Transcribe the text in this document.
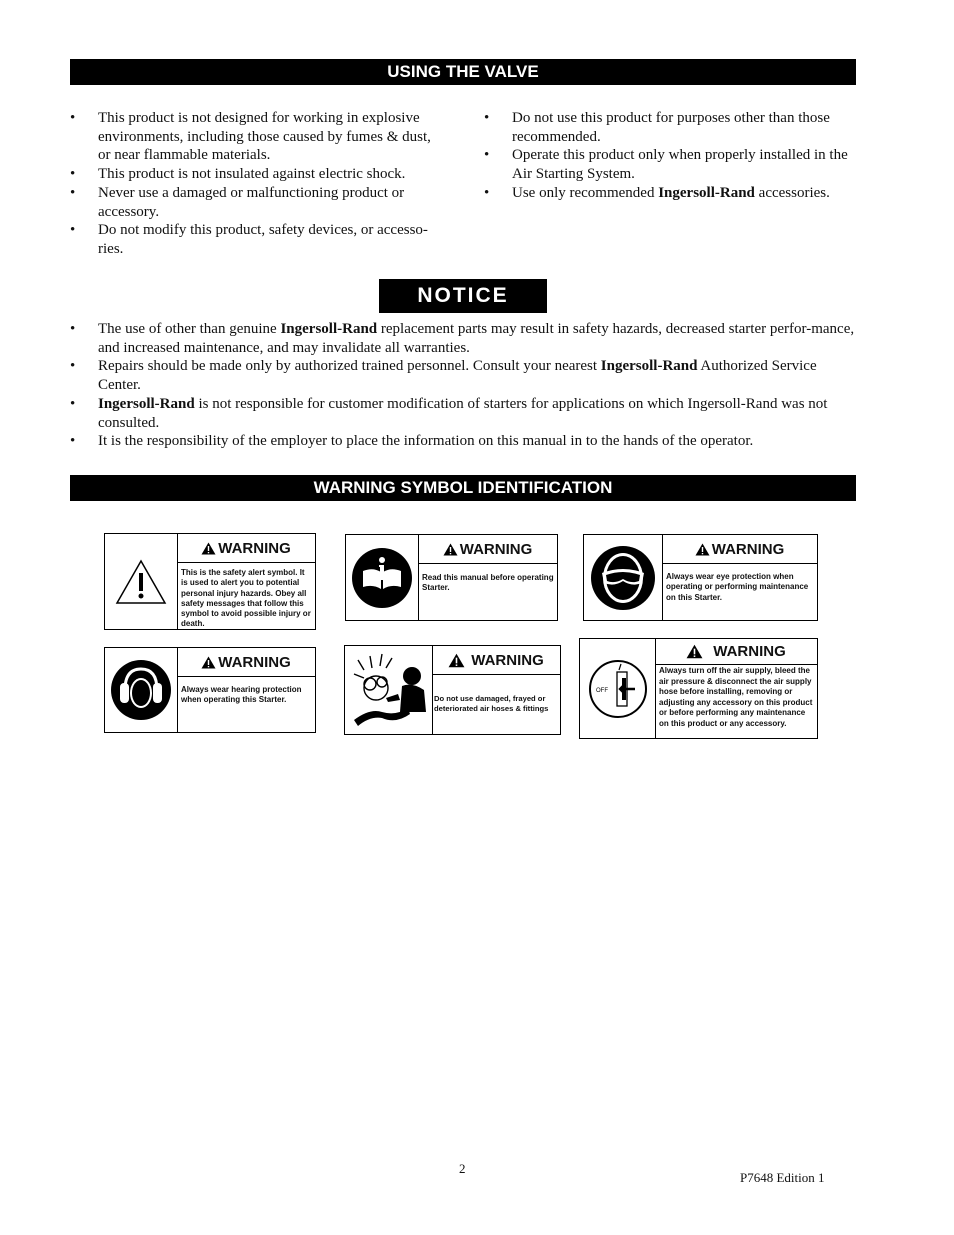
USING THE VALVE
• This product is not designed for working in explosive environments, including those caused by fumes & dust, or near flammable materials.
• This product is not insulated against electric shock.
• Never use a damaged or malfunctioning product or accessory.
• Do not modify this product, safety devices, or accesso-ries.
• Do not use this product for purposes other than those recommended.
• Operate this product only when properly installed in the Air Starting System.
• Use only recommended Ingersoll-Rand accessories.
NOTICE
• The use of other than genuine Ingersoll-Rand replacement parts may result in safety hazards, decreased starter perfor-mance, and increased maintenance, and may invalidate all warranties.
• Repairs should be made only by authorized trained personnel. Consult your nearest Ingersoll-Rand Authorized Service Center.
• Ingersoll-Rand is not responsible for customer modification of starters for applications on which Ingersoll-Rand was not consulted.
• It is the responsibility of the employer to place the information on this manual in to the hands of the operator.
WARNING SYMBOL IDENTIFICATION
WARNING
This is the safety alert symbol. It is used to alert you to potential personal injury hazards. Obey all safety messages that follow this symbol to avoid possible injury or death.
WARNING
Read this manual before operating Starter.
WARNING
Always wear eye protection when operating or performing maintenance on this Starter.
WARNING
Always wear hearing protection when operating this Starter.
WARNING
Do not use damaged, frayed or deteriorated air hoses & fittings
OFF
WARNING
Always turn off the air supply, bleed the air pressure & disconnect the air supply hose before installing, removing or adjusting any accessory on this product or before performing any maintenance on this product or any accessory.
2
P7648 Edition 1
